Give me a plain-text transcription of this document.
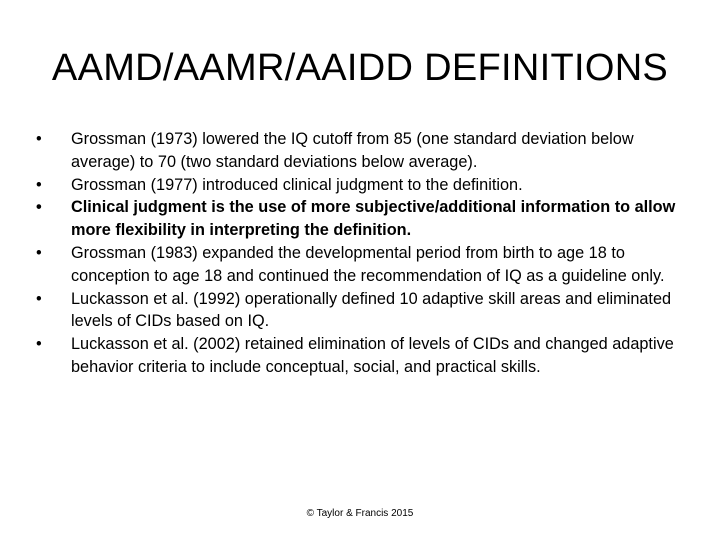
AAMD/AAMR/AAIDD DEFINITIONS
•	Grossman (1973) lowered the IQ cutoff from 85 (one standard deviation below average) to 70 (two standard deviations below average).
•	Grossman (1977) introduced clinical judgment to the definition.
•	Clinical judgment is the use of more subjective/additional information to allow more flexibility in interpreting the definition.
•	Grossman (1983) expanded the developmental period from birth to age 18 to conception to age 18 and continued the recommendation of IQ as a guideline only.
•	Luckasson et al. (1992) operationally defined 10 adaptive skill areas and eliminated levels of CIDs based on IQ.
•	Luckasson et al. (2002) retained elimination of levels of CIDs and changed adaptive behavior criteria to include conceptual, social, and practical skills.
© Taylor & Francis 2015
